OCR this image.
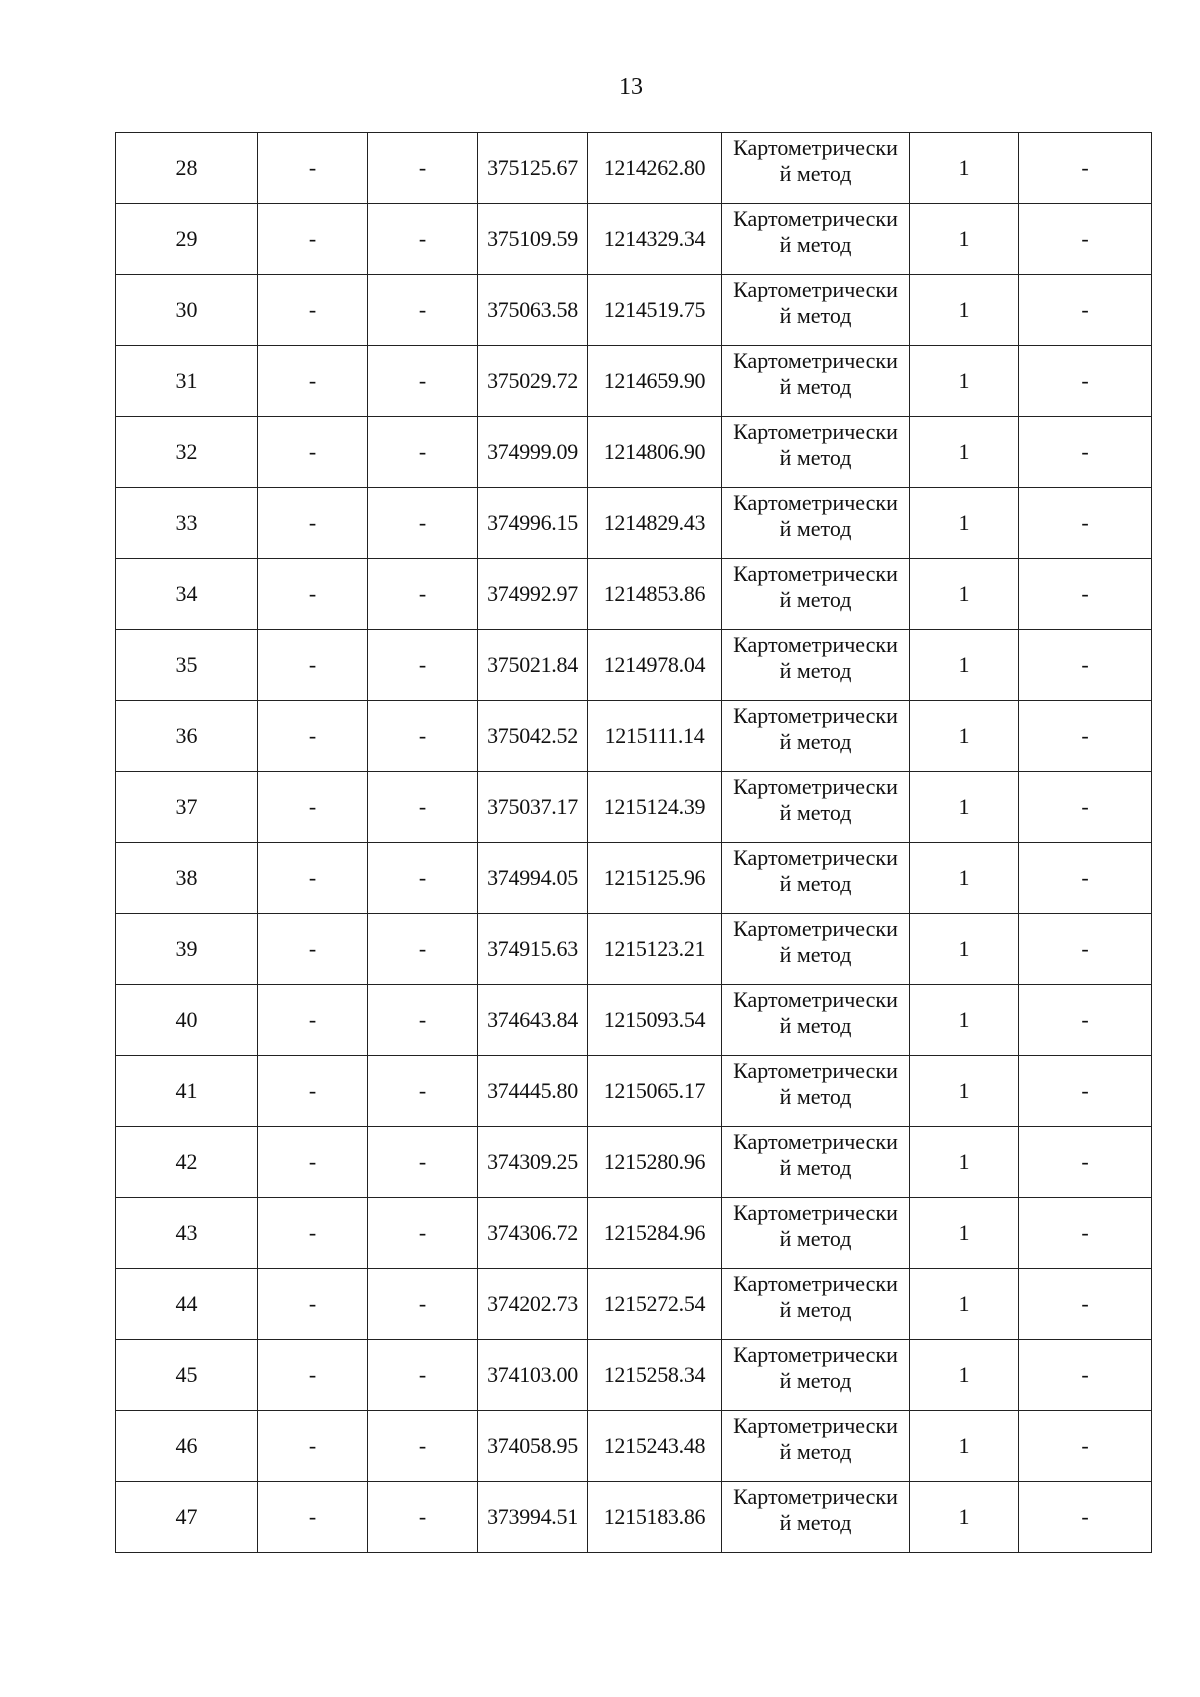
13
28	-	-	375125.67	1214262.80	Картометрически
й метод	1	-
29	-	-	375109.59	1214329.34	Картометрически
й метод	1	-
30	-	-	375063.58	1214519.75	Картометрически
й метод	1	-
31	-	-	375029.72	1214659.90	Картометрически
й метод	1	-
32	-	-	374999.09	1214806.90	Картометрически
й метод	1	-
33	-	-	374996.15	1214829.43	Картометрически
й метод	1	-
34	-	-	374992.97	1214853.86	Картометрически
й метод	1	-
35	-	-	375021.84	1214978.04	Картометрически
й метод	1	-
36	-	-	375042.52	1215111.14	Картометрически
й метод	1	-
37	-	-	375037.17	1215124.39	Картометрически
й метод	1	-
38	-	-	374994.05	1215125.96	Картометрически
й метод	1	-
39	-	-	374915.63	1215123.21	Картометрически
й метод	1	-
40	-	-	374643.84	1215093.54	Картометрически
й метод	1	-
41	-	-	374445.80	1215065.17	Картометрически
й метод	1	-
42	-	-	374309.25	1215280.96	Картометрически
й метод	1	-
43	-	-	374306.72	1215284.96	Картометрически
й метод	1	-
44	-	-	374202.73	1215272.54	Картометрически
й метод	1	-
45	-	-	374103.00	1215258.34	Картометрически
й метод	1	-
46	-	-	374058.95	1215243.48	Картометрически
й метод	1	-
47	-	-	373994.51	1215183.86	Картометрически
й метод	1	-
